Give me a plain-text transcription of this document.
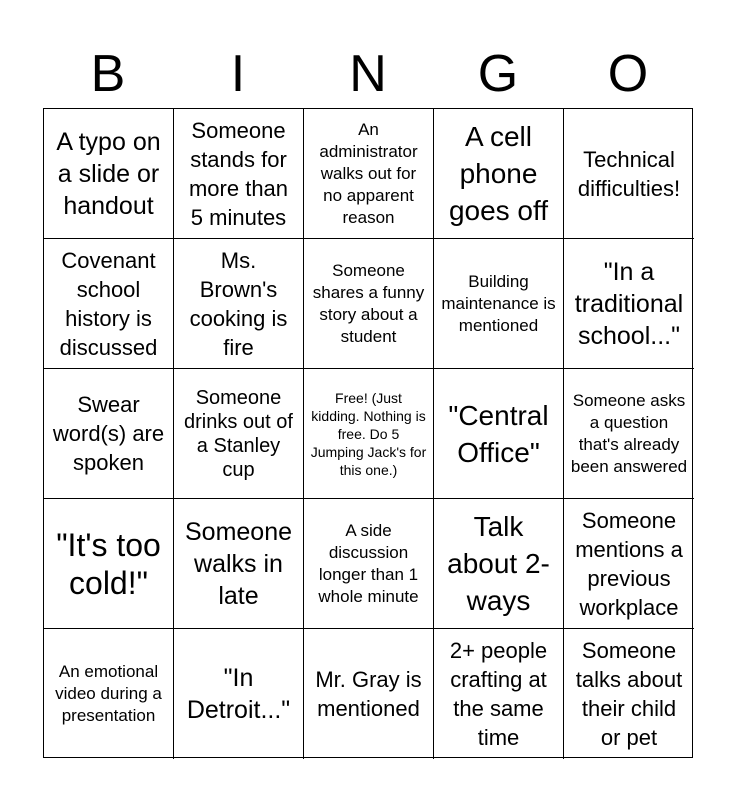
B	I	N	G	O
A typo on a slide or handout
Someone stands for more than 5 minutes
An administrator walks out for no apparent reason
A cell phone goes off
Technical difficulties!
Covenant school history is discussed
Ms. Brown's cooking is fire
Someone shares a funny story about a student
Building maintenance is mentioned
"In a traditional school..."
Swear word(s) are spoken
Someone drinks out of a Stanley cup
Free! (Just kidding. Nothing is free. Do 5 Jumping Jack's for this one.)
"Central Office"
Someone asks a question that's already been answered
"It's too cold!"
Someone walks in late
A side discussion longer than 1 whole minute
Talk about 2-ways
Someone mentions a previous workplace
An emotional video during a presentation
"In Detroit..."
Mr. Gray is mentioned
2+ people crafting at the same time
Someone talks about their child or pet
